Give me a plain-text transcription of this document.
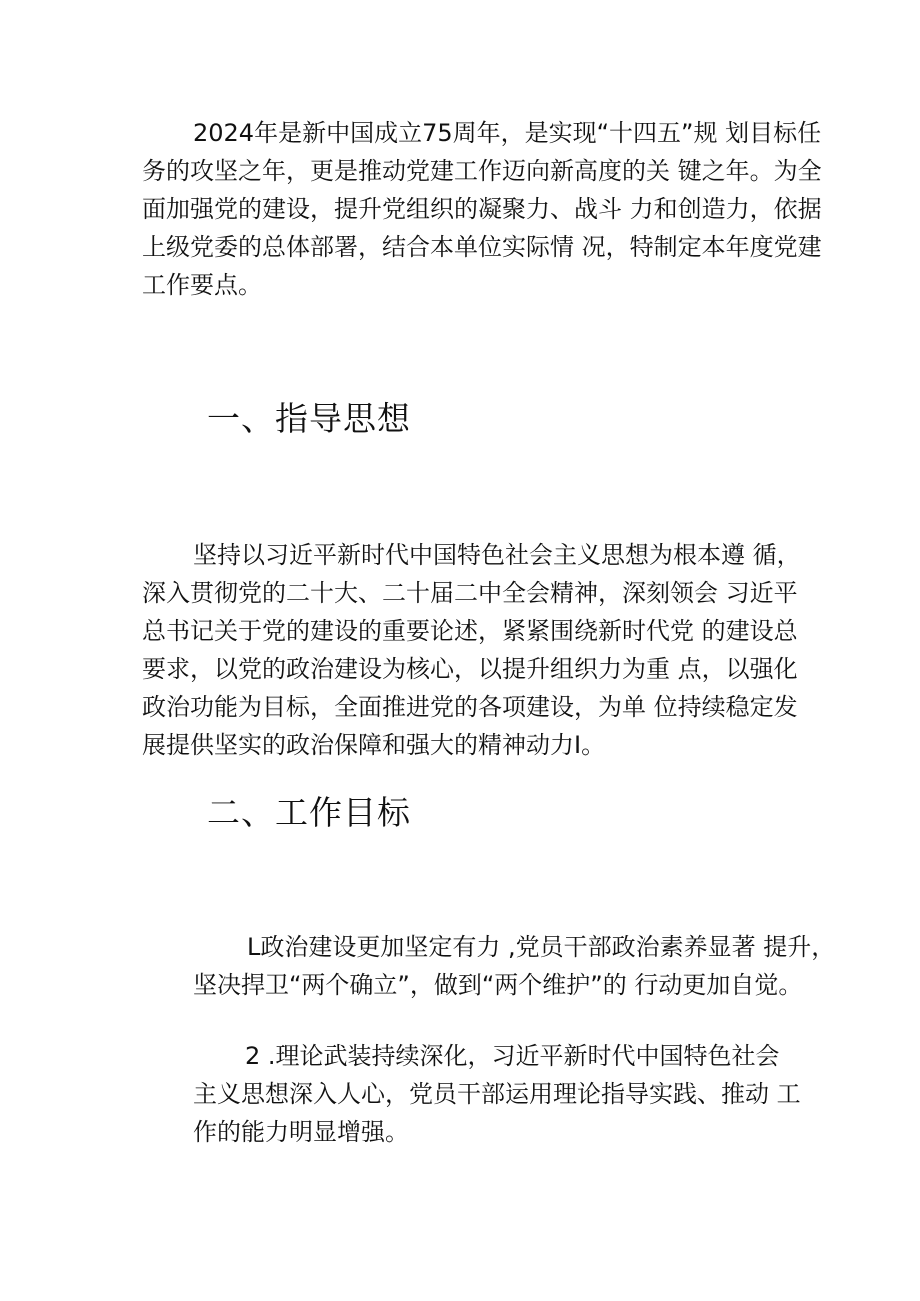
2024年是新中国成立75周年，是实现“十四五”规 划目标任

务的攻坚之年，更是推动党建工作迈向新高度的关 键之年。为全

面加强党的建设，提升党组织的凝聚力、战斗 力和创造力，依据

上级党委的总体部署，结合本单位实际情 况，特制定本年度党建

工作要点。

一、指导思想

坚持以习近平新时代中国特色社会主义思想为根本遵 循，

深入贯彻党的二十大、二十届二中全会精神，深刻领会 习近平

总书记关于党的建设的重要论述，紧紧围绕新时代党 的建设总

要求，以党的政治建设为核心，以提升组织力为重 点，以强化

政治功能为目标，全面推进党的各项建设，为单 位持续稳定发

展提供坚实的政治保障和强大的精神动力I。

二、工作目标

L政治建设更加坚定有力 ,党员干部政治素养显著 提升，

坚决捍卫“两个确立”，做到“两个维护”的 行动更加自觉。

2 .理论武装持续深化，习近平新时代中国特色社会

主义思想深入人心，党员干部运用理论指导实践、推动 工

作的能力明显增强。
